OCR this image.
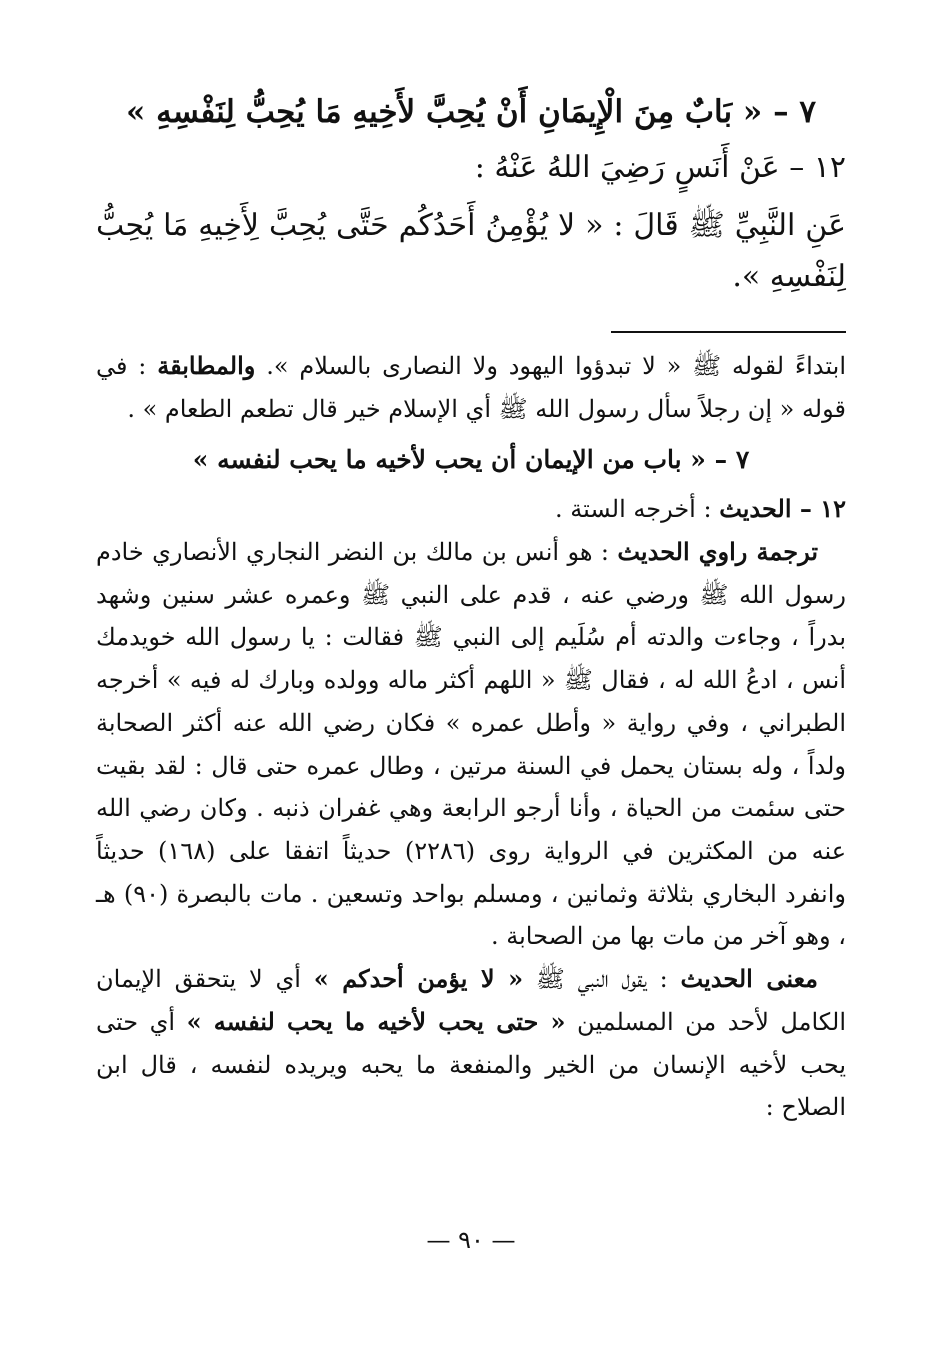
٧ – « بَابٌ مِنَ الْإِيمَانِ أَنْ يُحِبَّ لأَخِيهِ مَا يُحِبُّ لِنَفْسِهِ »

١٢ – عَنْ أَنَسٍ رَضِيَ اللهُ عَنْهُ :

عَنِ النَّبِيِّ ﷺ قَالَ : « لا يُؤْمِنُ أَحَدُكُم حَتَّى يُحِبَّ لِأَخِيهِ مَا يُحِبُّ لِنَفْسِهِ ».

ابتداءً لقوله ﷺ « لا تبدؤوا اليهود ولا النصارى بالسلام ». والمطابقة : في قوله « إن رجلاً سأل رسول الله ﷺ أي الإسلام خير قال تطعم الطعام » .

٧ – « باب من الإيمان أن يحب لأخيه ما يحب لنفسه »

١٢ – الحديث : أخرجه الستة .

ترجمة راوي الحديث : هو أنس بن مالك بن النضر النجاري الأنصاري خادم رسول الله ﷺ ورضي عنه ، قدم على النبي ﷺ وعمره عشر سنين وشهد بدراً ، وجاءت والدته أم سُلَيم إلى النبي ﷺ فقالت : يا رسول الله خويدمك أنس ، ادعُ الله له ، فقال ﷺ « اللهم أكثر ماله وولده وبارك له فيه » أخرجه الطبراني ، وفي رواية « وأطل عمره » فكان رضي الله عنه أكثر الصحابة ولداً ، وله بستان يحمل في السنة مرتين ، وطال عمره حتى قال : لقد بقيت حتى سئمت من الحياة ، وأنا أرجو الرابعة وهي غفران ذنبه . وكان رضي الله عنه من المكثرين في الرواية روى (٢٢٨٦) حديثاً اتفقا على (١٦٨) حديثاً وانفرد البخاري بثلاثة وثمانين ، ومسلم بواحد وتسعين . مات بالبصرة (٩٠) هـ ، وهو آخر من مات بها من الصحابة .

معنى الحديث : يقول النبي ﷺ « لا يؤمن أحدكم » أي لا يتحقق الإيمان الكامل لأحد من المسلمين « حتى يحب لأخيه ما يحب لنفسه » أي حتى يحب لأخيه الإنسان من الخير والمنفعة ما يحبه ويريده لنفسه ، قال ابن الصلاح :

— ٩٠ —
